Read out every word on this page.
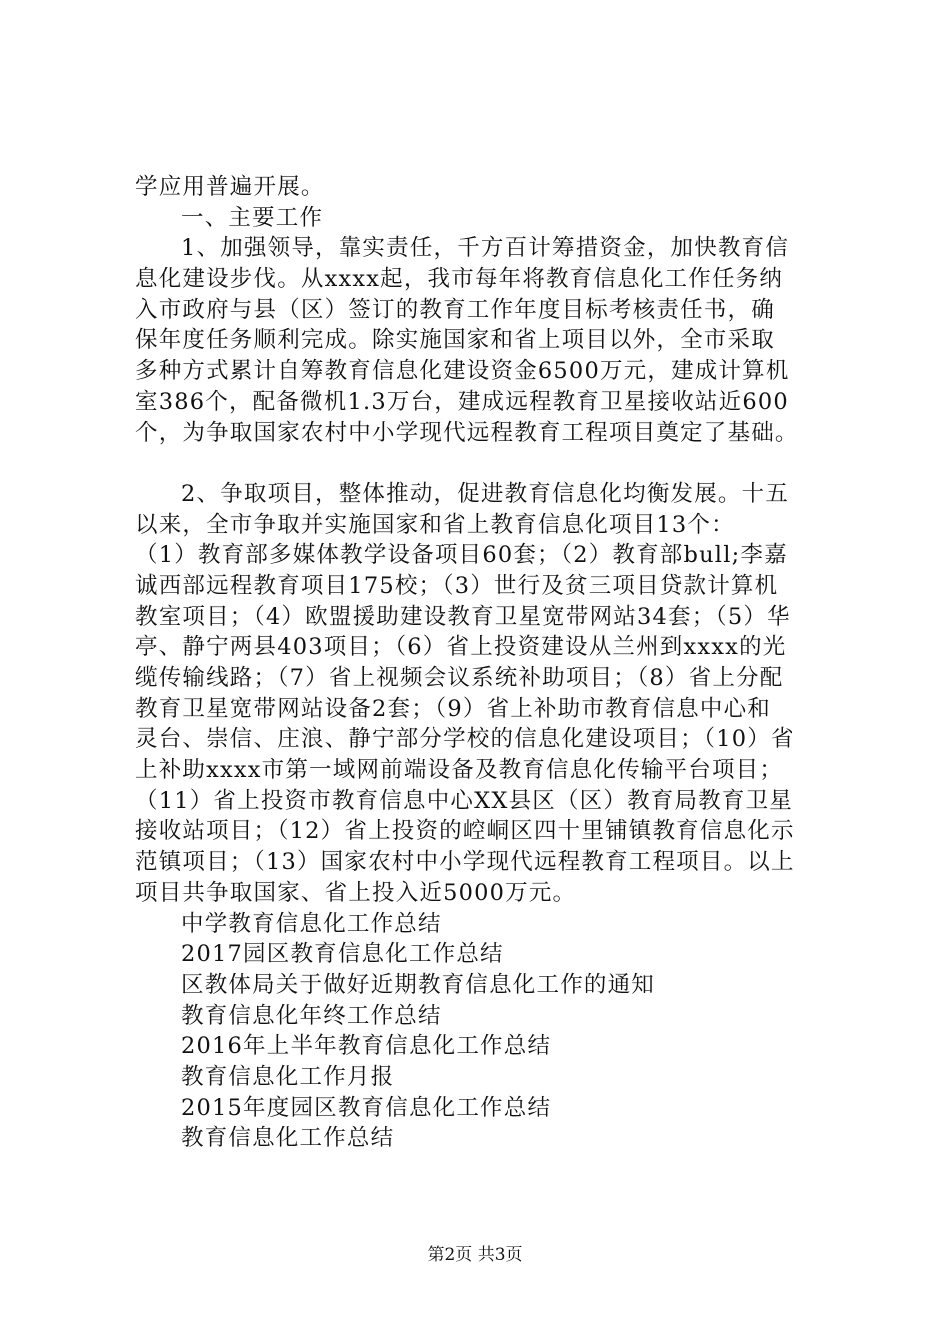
学应用普遍开展。
一、主要工作
1、加强领导，靠实责任，千方百计筹措资金，加快教育信
息化建设步伐。从xxxx起，我市每年将教育信息化工作任务纳
入市政府与县（区）签订的教育工作年度目标考核责任书，确
保年度任务顺利完成。除实施国家和省上项目以外，全市采取
多种方式累计自筹教育信息化建设资金6500万元，建成计算机
室386个，配备微机1.3万台，建成远程教育卫星接收站近600
个，为争取国家农村中小学现代远程教育工程项目奠定了基础。
2、争取项目，整体推动，促进教育信息化均衡发展。十五
以来，全市争取并实施国家和省上教育信息化项目13个：
（1）教育部多媒体教学设备项目60套；（2）教育部bull;李嘉
诚西部远程教育项目175校；（3）世行及贫三项目贷款计算机
教室项目；（4）欧盟援助建设教育卫星宽带网站34套；（5）华
亭、静宁两县403项目；（6）省上投资建设从兰州到xxxx的光
缆传输线路；（7）省上视频会议系统补助项目；（8）省上分配
教育卫星宽带网站设备2套；（9）省上补助市教育信息中心和
灵台、崇信、庄浪、静宁部分学校的信息化建设项目；（10）省
上补助xxxx市第一域网前端设备及教育信息化传输平台项目；
（11）省上投资市教育信息中心XX县区（区）教育局教育卫星
接收站项目；（12）省上投资的崆峒区四十里铺镇教育信息化示
范镇项目；（13）国家农村中小学现代远程教育工程项目。以上
项目共争取国家、省上投入近5000万元。
中学教育信息化工作总结
2017园区教育信息化工作总结
区教体局关于做好近期教育信息化工作的通知
教育信息化年终工作总结
2016年上半年教育信息化工作总结
教育信息化工作月报
2015年度园区教育信息化工作总结
教育信息化工作总结
第2页 共3页
